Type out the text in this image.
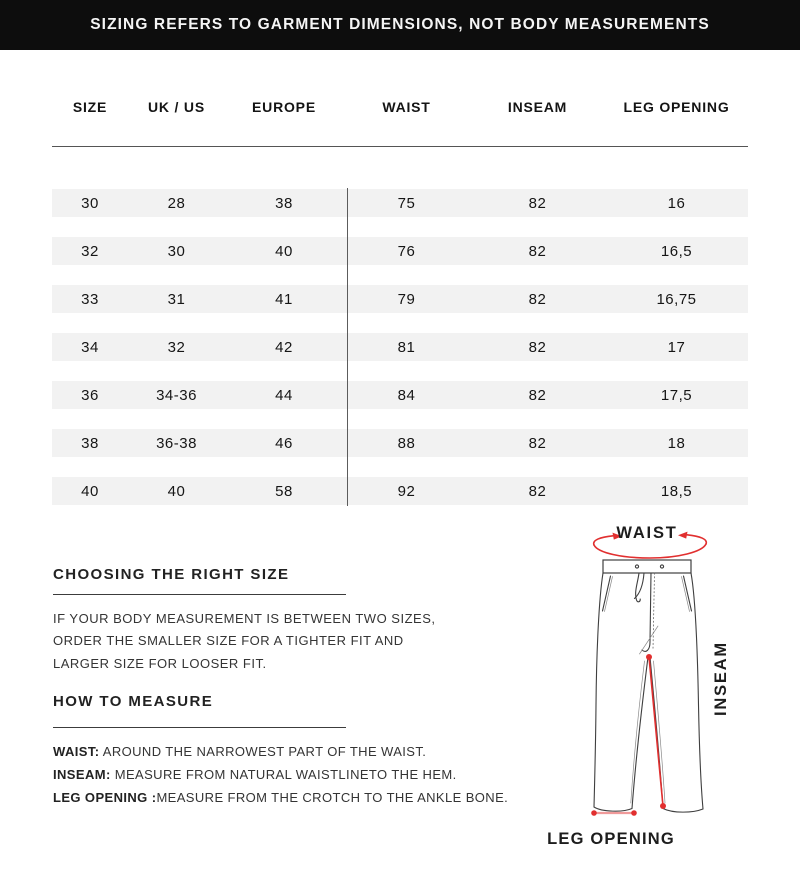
SIZING REFERS TO GARMENT DIMENSIONS, NOT BODY MEASUREMENTS
SIZE	UK / US	EUROPE	WAIST	INSEAM	LEG OPENING
30	28	38	75	82	16
32	30	40	76	82	16,5
33	31	41	79	82	16,75
34	32	42	81	82	17
36	34-36	44	84	82	17,5
38	36-38	46	88	82	18
40	40	58	92	82	18,5
CHOOSING THE RIGHT SIZE
IF YOUR BODY MEASUREMENT IS BETWEEN TWO SIZES,
ORDER THE SMALLER SIZE FOR A TIGHTER FIT AND
LARGER SIZE FOR LOOSER FIT.
HOW TO MEASURE
WAIST: AROUND THE NARROWEST PART OF THE WAIST.
INSEAM: MEASURE FROM NATURAL WAISTLINETO THE HEM.
LEG OPENING :MEASURE FROM THE CROTCH TO THE ANKLE BONE.
WAIST
INSEAM
LEG OPENING
